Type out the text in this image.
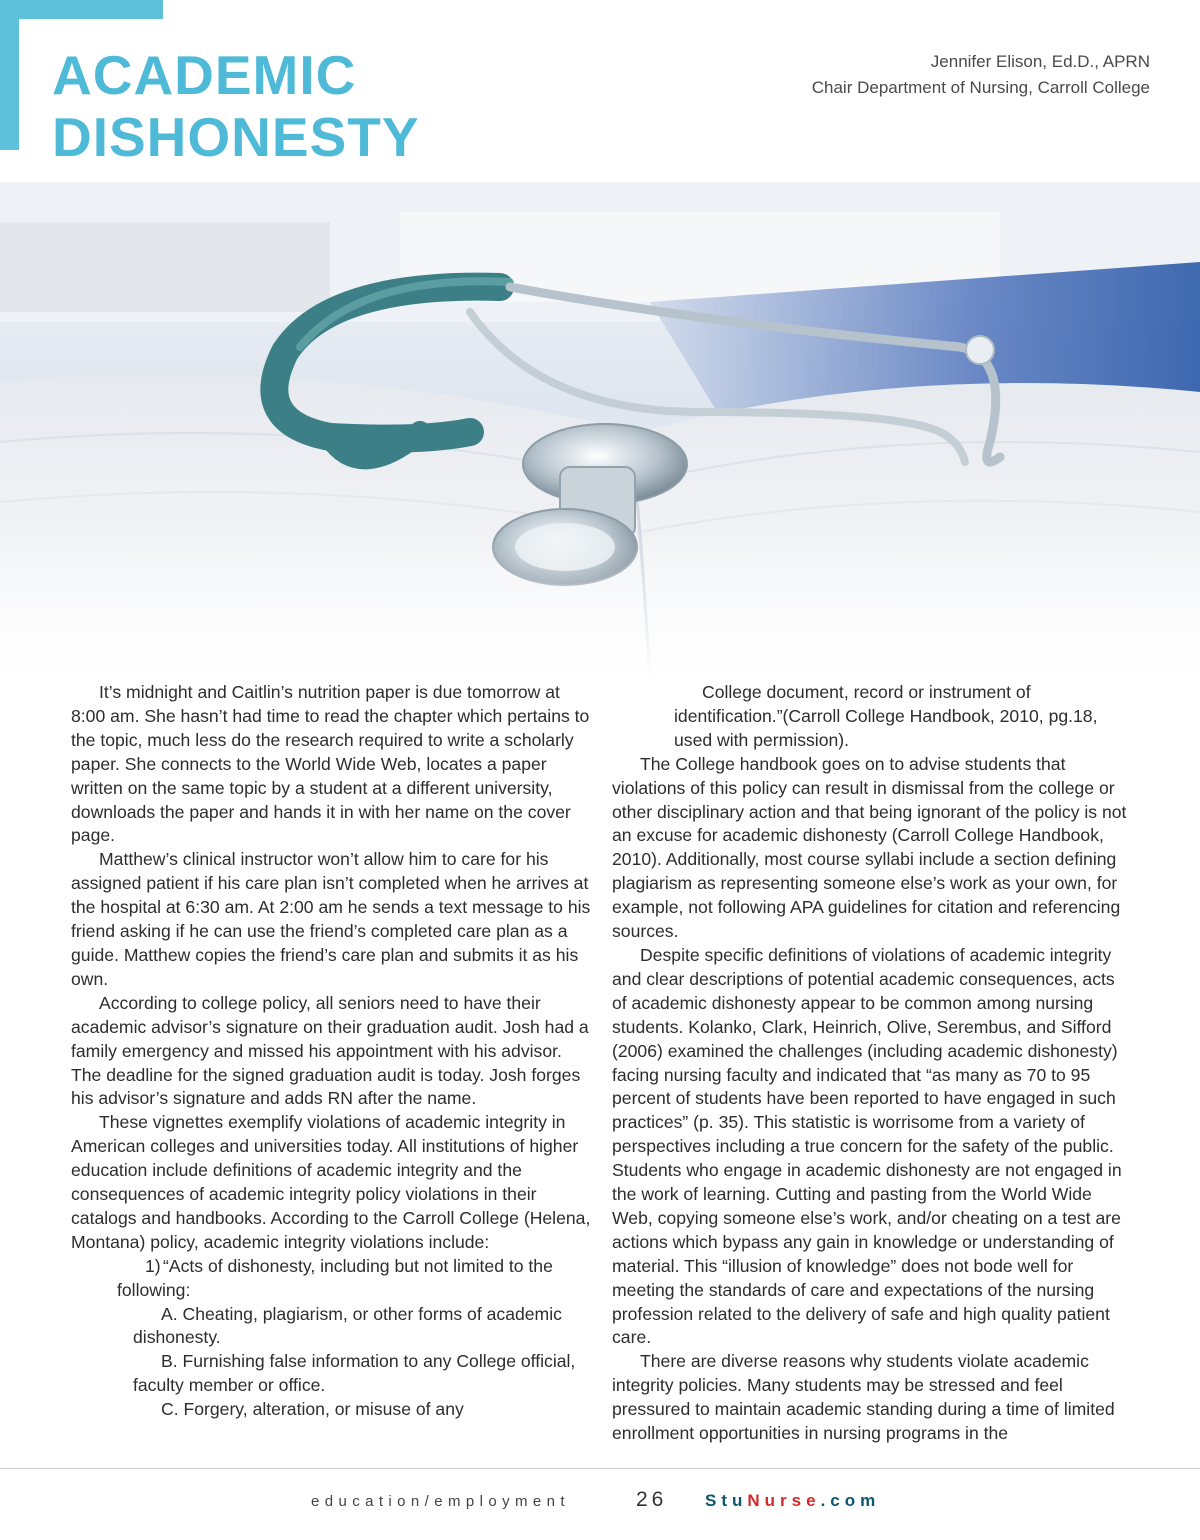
ACADEMIC
DISHONESTY
Jennifer Elison, Ed.D., APRN
Chair Department of Nursing, Carroll College

It’s midnight and Caitlin’s nutrition paper is due tomorrow at 8:00 am. She hasn’t had time to read the chapter which pertains to the topic, much less do the research required to write a scholarly paper. She connects to the World Wide Web, locates a paper written on the same topic by a student at a different university, downloads the paper and hands it in with her name on the cover page.

Matthew’s clinical instructor won’t allow him to care for his assigned patient if his care plan isn’t completed when he arrives at the hospital at 6:30 am. At 2:00 am he sends a text message to his friend asking if he can use the friend’s completed care plan as a guide. Matthew copies the friend’s care plan and submits it as his own.

According to college policy, all seniors need to have their academic advisor’s signature on their graduation audit. Josh had a family emergency and missed his appointment with his advisor. The deadline for the signed graduation audit is today. Josh forges his advisor’s signature and adds RN after the name.

These vignettes exemplify violations of academic integrity in American colleges and universities today. All institutions of higher education include definitions of academic integrity and the consequences of academic integrity policy violations in their catalogs and handbooks. According to the Carroll College (Helena, Montana) policy, academic integrity violations include:

1) “Acts of dishonesty, including but not limited to the following:

A. Cheating, plagiarism, or other forms of academic dishonesty.

B. Furnishing false information to any College official, faculty member or office.

C. Forgery, alteration, or misuse of any

College document, record or instrument of identification.”(Carroll College Handbook, 2010, pg.18, used with permission).

The College handbook goes on to advise students that violations of this policy can result in dismissal from the college or other disciplinary action and that being ignorant of the policy is not an excuse for academic dishonesty (Carroll College Handbook, 2010). Additionally, most course syllabi include a section defining plagiarism as representing someone else’s work as your own, for example, not following APA guidelines for citation and referencing sources.

Despite specific definitions of violations of academic integrity and clear descriptions of potential academic consequences, acts of academic dishonesty appear to be common among nursing students. Kolanko, Clark, Heinrich, Olive, Serembus, and Sifford (2006) examined the challenges (including academic dishonesty) facing nursing faculty and indicated that “as many as 70 to 95 percent of students have been reported to have engaged in such practices” (p. 35). This statistic is worrisome from a variety of perspectives including a true concern for the safety of the public. Students who engage in academic dishonesty are not engaged in the work of learning. Cutting and pasting from the World Wide Web, copying someone else’s work, and/or cheating on a test are actions which bypass any gain in knowledge or understanding of material. This “illusion of knowledge” does not bode well for meeting the standards of care and expectations of the nursing profession related to the delivery of safe and high quality patient care.

There are diverse reasons why students violate academic integrity policies. Many students may be stressed and feel pressured to maintain academic standing during a time of limited enrollment opportunities in nursing programs in the

education/employment	26 StuNurse.com
